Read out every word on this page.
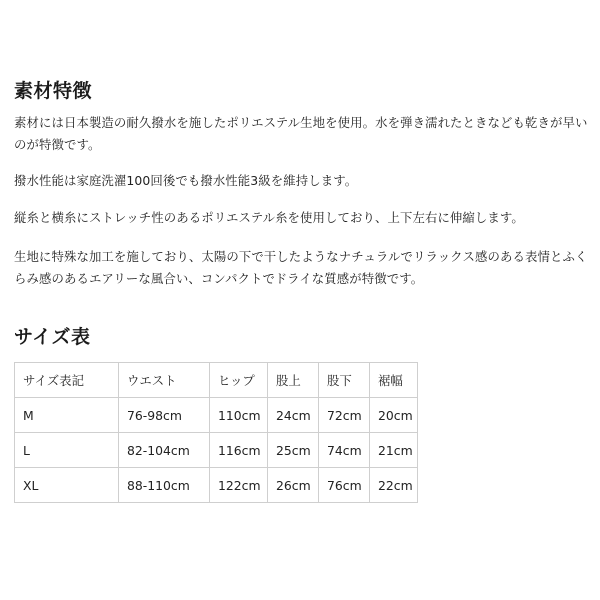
素材特徴

素材には日本製造の耐久撥水を施したポリエステル生地を使用。水を弾き濡れたときなども乾きが早いのが特徴です。

撥水性能は家庭洗濯100回後でも撥水性能3級を維持します。

縦糸と横糸にストレッチ性のあるポリエステル糸を使用しており、上下左右に伸縮します。

生地に特殊な加工を施しており、太陽の下で干したようなナチュラルでリラックス感のある表情とふくらみ感のあるエアリーな風合い、コンパクトでドライな質感が特徴です。

サイズ表
サイズ表記	ウエスト	ヒップ	股上	股下	裾幅
M	76-98cm	110cm	24cm	72cm	20cm
L	82-104cm	116cm	25cm	74cm	21cm
XL	88-110cm	122cm	26cm	76cm	22cm
